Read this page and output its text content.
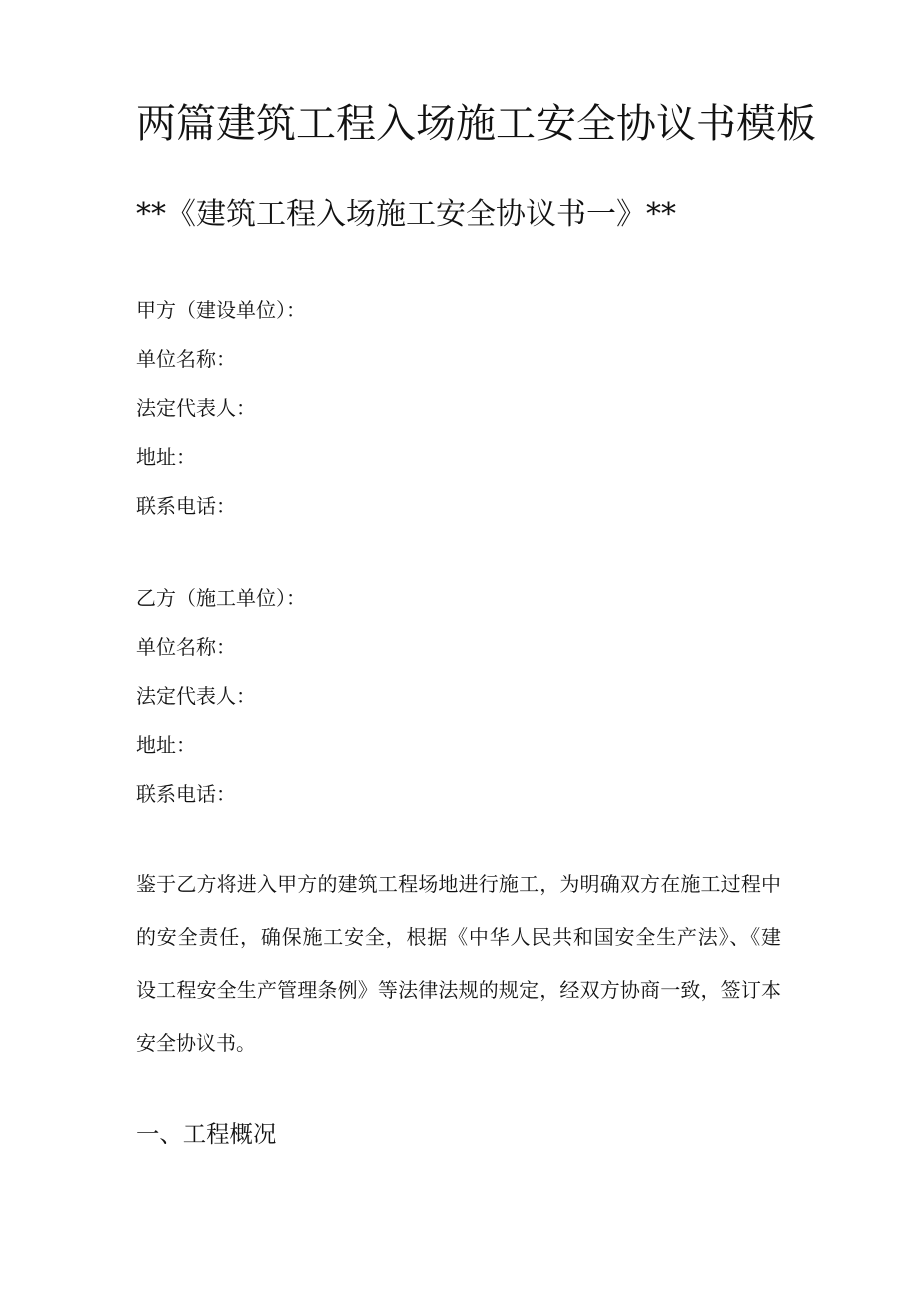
两篇建筑工程入场施工安全协议书模板
**《建筑工程入场施工安全协议书一》**

甲方（建设单位）：

单位名称：

法定代表人：

地址：

联系电话：

乙方（施工单位）：

单位名称：

法定代表人：

地址：

联系电话：

鉴于乙方将进入甲方的建筑工程场地进行施工，为明确双方在施工过程中
的安全责任，确保施工安全，根据《中华人民共和国安全生产法》、《建
设工程安全生产管理条例》等法律法规的规定，经双方协商一致，签订本
安全协议书。
一、工程概况
